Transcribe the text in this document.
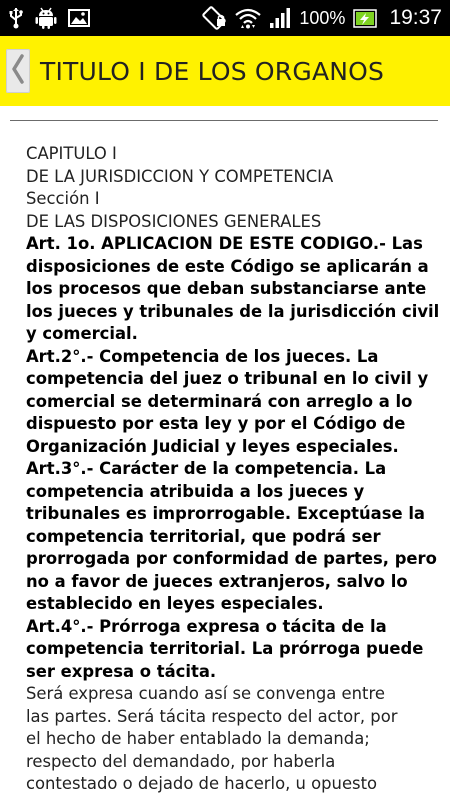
100% 19:37
TITULO I DE LOS ORGANOS
CAPITULO I
DE LA JURISDICCION Y COMPETENCIA
Sección I
DE LAS DISPOSICIONES GENERALES
Art. 1o. APLICACION DE ESTE CODIGO.- Las
disposiciones de este Código se aplicarán a
los procesos que deban substanciarse ante
los jueces y tribunales de la jurisdicción civil
y comercial.
Art.2°.- Competencia de los jueces. La
competencia del juez o tribunal en lo civil y
comercial se determinará con arreglo a lo
dispuesto por esta ley y por el Código de
Organización Judicial y leyes especiales.
Art.3°.- Carácter de la competencia. La
competencia atribuida a los jueces y
tribunales es improrrogable. Exceptúase la
competencia territorial, que podrá ser
prorrogada por conformidad de partes, pero
no a favor de jueces extranjeros, salvo lo
establecido en leyes especiales.
Art.4°.- Prórroga expresa o tácita de la
competencia territorial. La prórroga puede
ser expresa o tácita.
Será expresa cuando así se convenga entre
las partes. Será tácita respecto del actor, por
el hecho de haber entablado la demanda;
respecto del demandado, por haberla
contestado o dejado de hacerlo, u opuesto
